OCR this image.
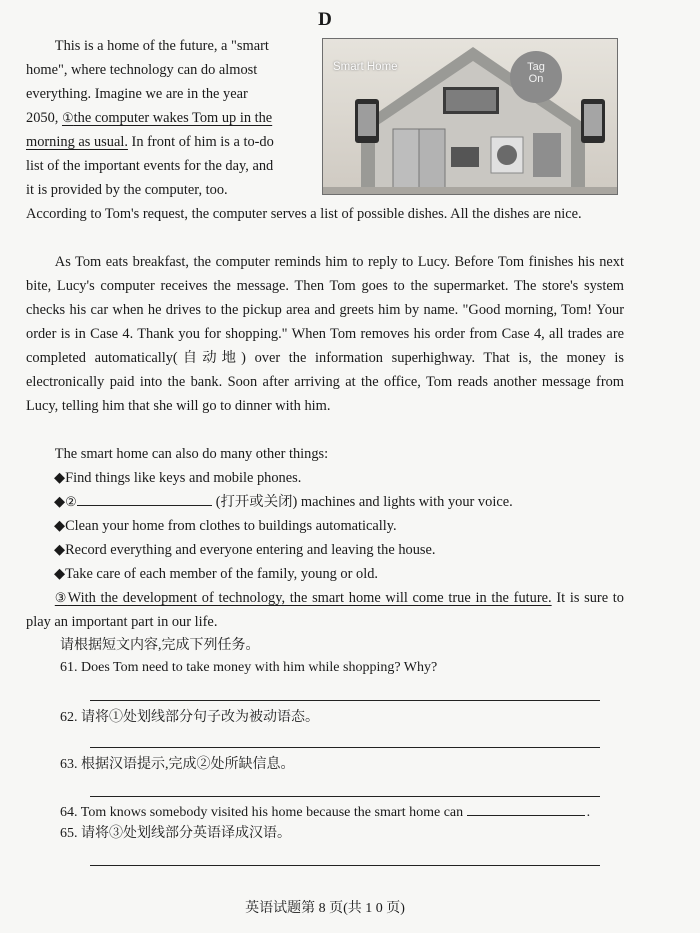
D
Smart Home	Tag
On
This is a home of the future, a "smart
home", where technology can do almost
everything. Imagine we are in the year
2050, ①the computer wakes Tom up in the
morning as usual. In front of him is a to-do
list of the important events for the day, and
it is provided by the computer, too.
According to Tom's request, the computer serves a list of possible dishes. All the dishes are nice.
As Tom eats breakfast, the computer reminds him to reply to Lucy. Before Tom finishes his next bite, Lucy's computer receives the message. Then Tom goes to the supermarket. The store's system checks his car when he drives to the pickup area and greets him by name. "Good morning, Tom! Your order is in Case 4. Thank you for shopping." When Tom removes his order from Case 4, all trades are completed automatically(自动地) over the information superhighway. That is, the money is electronically paid into the bank. Soon after arriving at the office, Tom reads another message from Lucy, telling him that she will go to dinner with him.
The smart home can also do many other things:
◆Find things like keys and mobile phones.
◆②	(打开或关闭) machines and lights with your voice.
◆Clean your home from clothes to buildings automatically.
◆Record everything and everyone entering and leaving the house.
◆Take care of each member of the family, young or old.
③With the development of technology, the smart home will come true in the future. It is sure to play an important part in our life.
请根据短文内容,完成下列任务。
61. Does Tom need to take money with him while shopping? Why?
62. 请将①处划线部分句子改为被动语态。
63. 根据汉语提示,完成②处所缺信息。
64. Tom knows somebody visited his home because the smart home can	.
65. 请将③处划线部分英语译成汉语。
英语试题第 8 页(共 1 0 页)
